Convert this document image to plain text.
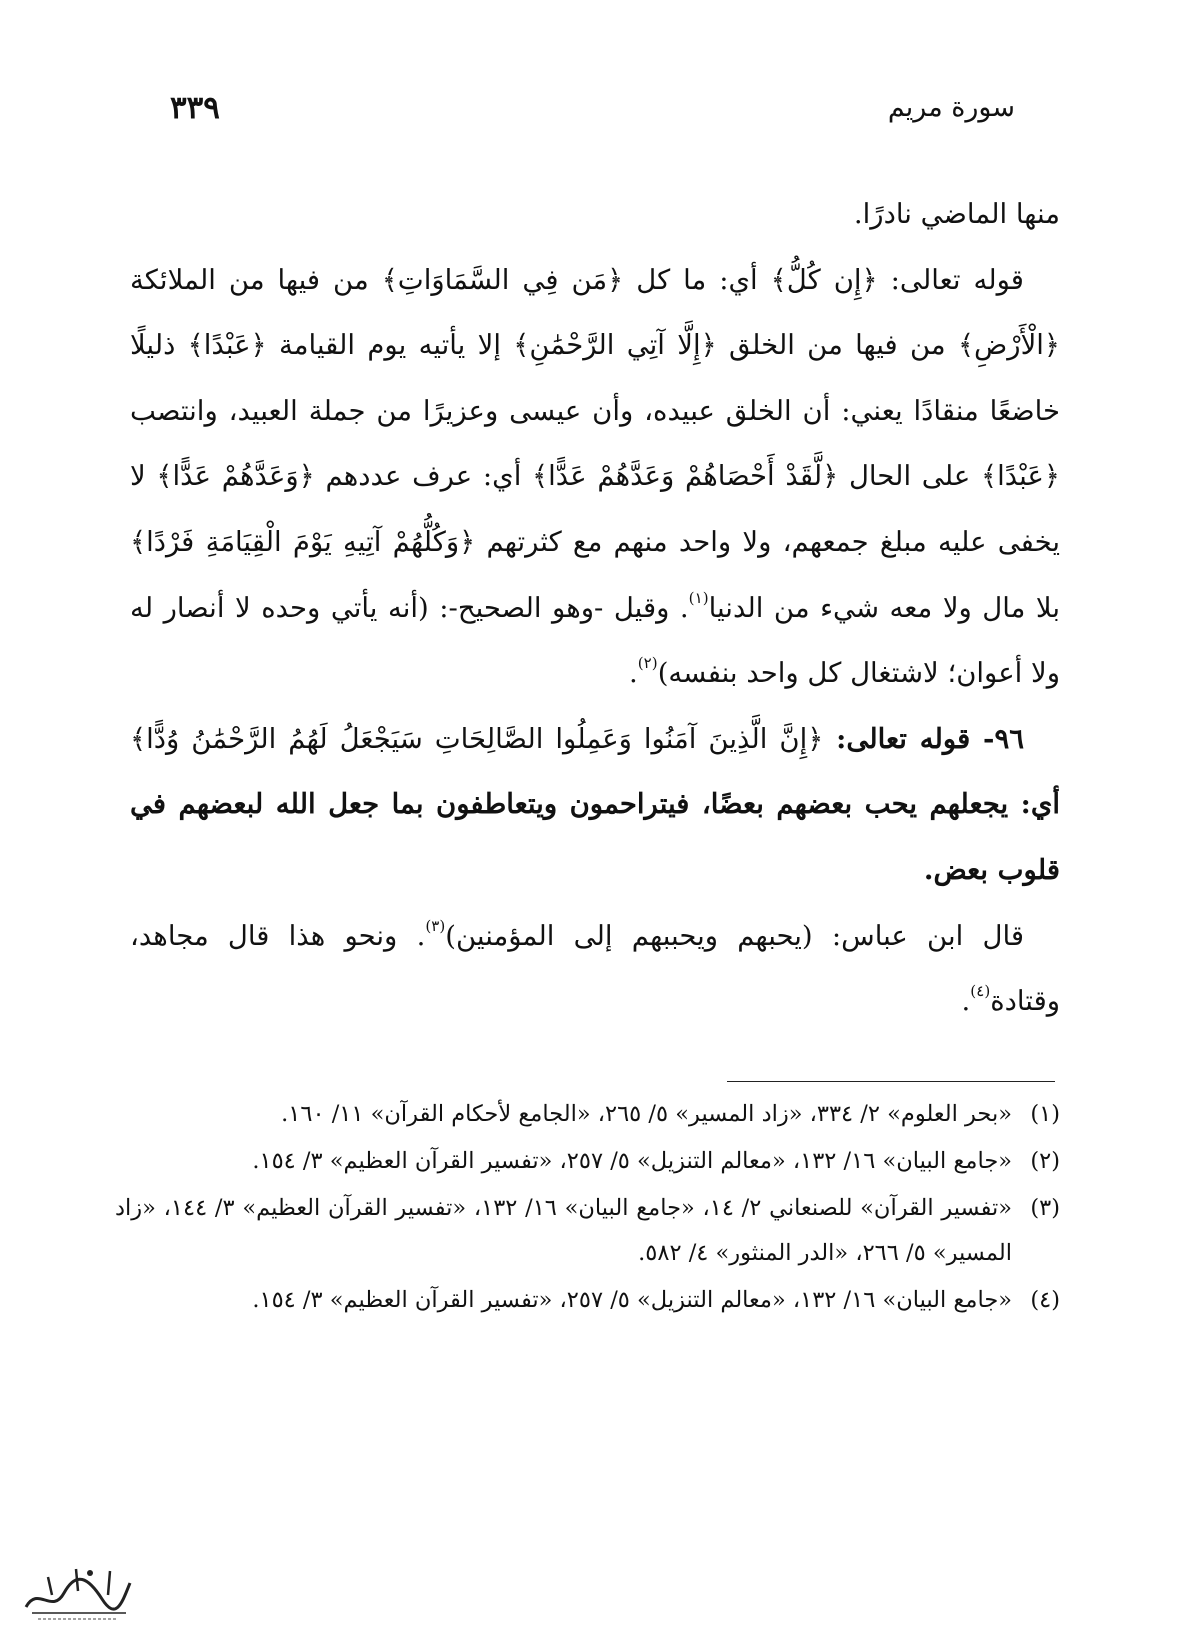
سورة مريم
٣٣٩

منها الماضي نادرًا.

قوله تعالى: ﴿إِن كُلُّ﴾ أي: ما كل ﴿مَن فِي السَّمَاوَاتِ﴾ من فيها من الملائكة ﴿الْأَرْضِ﴾ من فيها من الخلق ﴿إِلَّا آتِي الرَّحْمَٰنِ﴾ إلا يأتيه يوم القيامة ﴿عَبْدًا﴾ ذليلًا خاضعًا منقادًا يعني: أن الخلق عبيده، وأن عيسى وعزيرًا من جملة العبيد، وانتصب ﴿عَبْدًا﴾ على الحال ﴿لَّقَدْ أَحْصَاهُمْ وَعَدَّهُمْ عَدًّا﴾ أي: عرف عددهم ﴿وَعَدَّهُمْ عَدًّا﴾ لا يخفى عليه مبلغ جمعهم، ولا واحد منهم مع كثرتهم ﴿وَكُلُّهُمْ آتِيهِ يَوْمَ الْقِيَامَةِ فَرْدًا﴾ بلا مال ولا معه شيء من الدنيا$^{(١)}$. وقيل -وهو الصحيح-: (أنه يأتي وحده لا أنصار له ولا أعوان؛ لاشتغال كل واحد بنفسه)$^{(٢)}$.

٩٦- قوله تعالى: ﴿إِنَّ الَّذِينَ آمَنُوا وَعَمِلُوا الصَّالِحَاتِ سَيَجْعَلُ لَهُمُ الرَّحْمَٰنُ وُدًّا﴾ أي: يجعلهم يحب بعضهم بعضًا، فيتراحمون ويتعاطفون بما جعل الله لبعضهم في قلوب بعض.

قال ابن عباس: (يحبهم ويحببهم إلى المؤمنين)$^{(٣)}$. ونحو هذا قال مجاهد، وقتادة$^{(٤)}$.

(١)
«بحر العلوم» ٢/ ٣٣٤، «زاد المسير» ٥/ ٢٦٥، «الجامع لأحكام القرآن» ١١/ ١٦٠.
(٢)
«جامع البيان» ١٦/ ١٣٢، «معالم التنزيل» ٥/ ٢٥٧، «تفسير القرآن العظيم» ٣/ ١٥٤.
(٣)
«تفسير القرآن» للصنعاني ٢/ ١٤، «جامع البيان» ١٦/ ١٣٢، «تفسير القرآن العظيم» ٣/ ١٤٤، «زاد المسير» ٥/ ٢٦٦، «الدر المنثور» ٤/ ٥٨٢.
(٤)
«جامع البيان» ١٦/ ١٣٢، «معالم التنزيل» ٥/ ٢٥٧، «تفسير القرآن العظيم» ٣/ ١٥٤.
